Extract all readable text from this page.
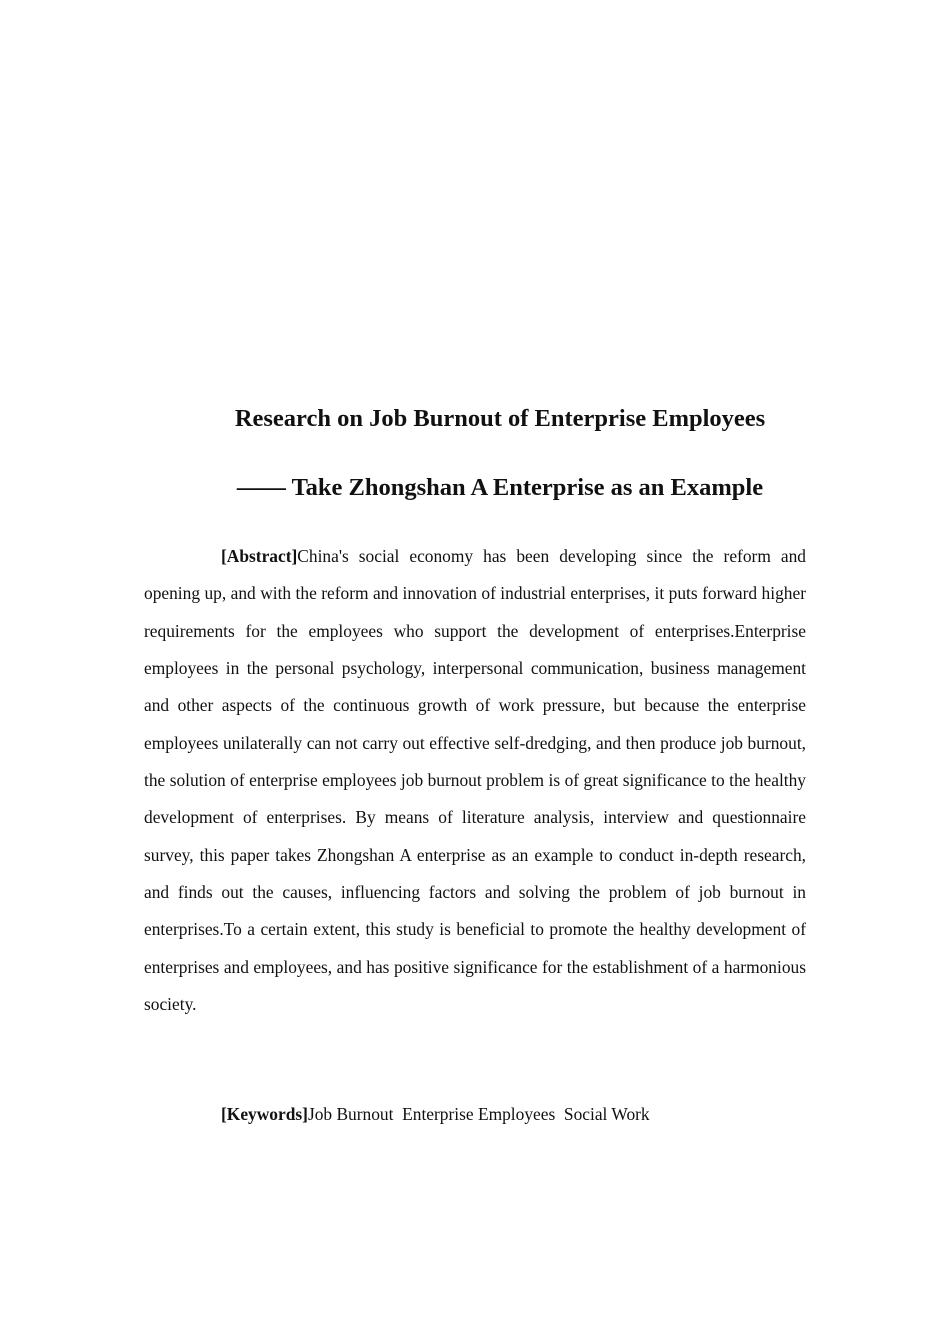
Research on Job Burnout of Enterprise Employees
—— Take Zhongshan A Enterprise as an Example

[Abstract]China's social economy has been developing since the reform and opening up, and with the reform and innovation of industrial enterprises, it puts forward higher requirements for the employees who support the development of enterprises.Enterprise employees in the personal psychology, interpersonal communication, business management and other aspects of the continuous growth of work pressure, but because the enterprise employees unilaterally can not carry out effective self-dredging, and then produce job burnout, the solution of enterprise employees job burnout problem is of great significance to the healthy development of enterprises. By means of literature analysis, interview and questionnaire survey, this paper takes Zhongshan A enterprise as an example to conduct in-depth research, and finds out the causes, influencing factors and solving the problem of job burnout in enterprises.To a certain extent, this study is beneficial to promote the healthy development of enterprises and employees, and has positive significance for the establishment of a harmonious society.

[Keywords]Job Burnout  Enterprise Employees  Social Work
